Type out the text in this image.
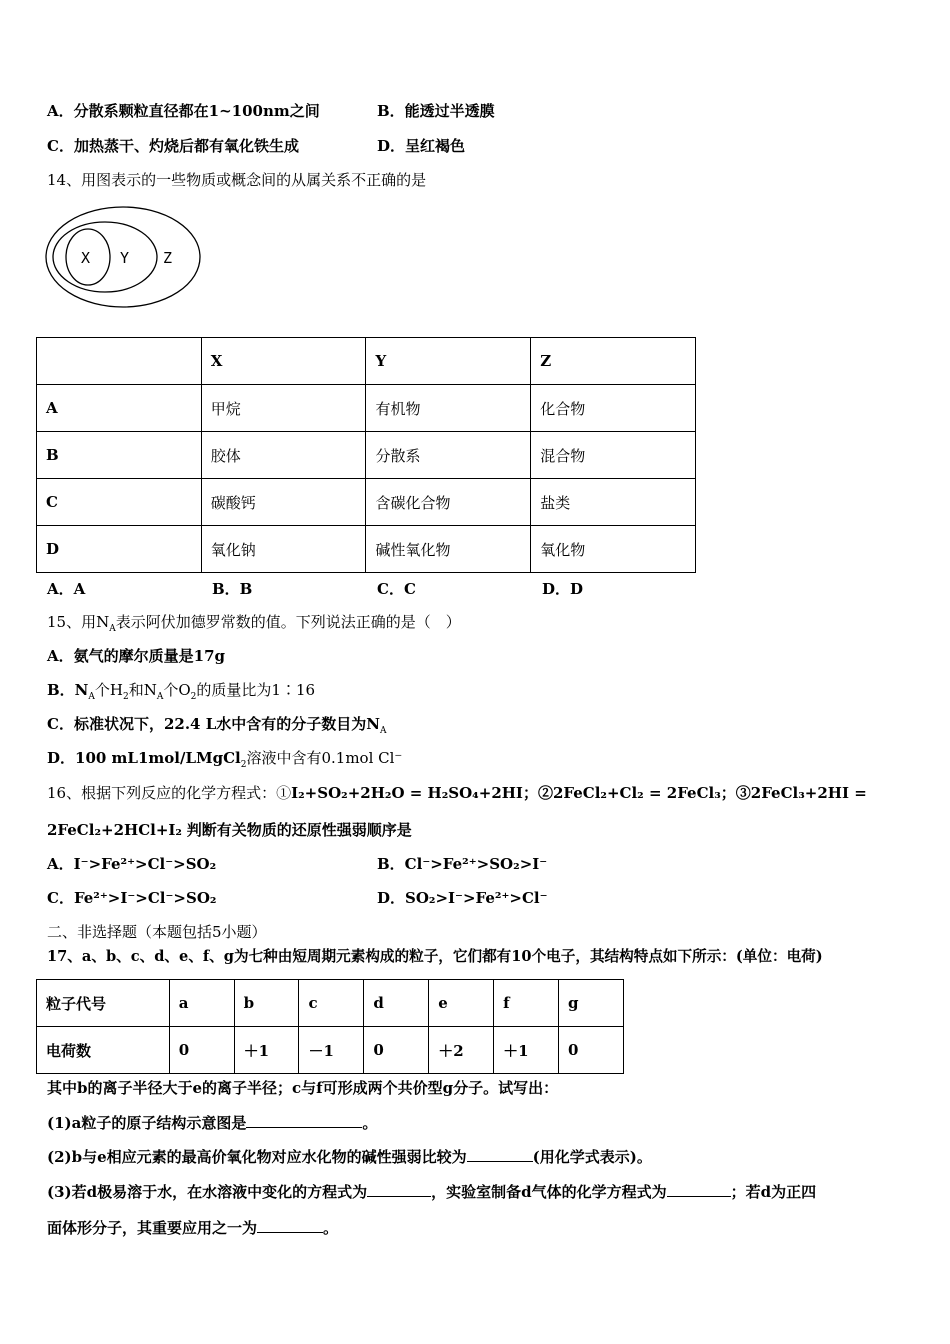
A．分散系颗粒直径都在1~100nm之间	B．能透过半透膜
C．加热蒸干、灼烧后都有氧化铁生成	D．呈红褐色
14、用图表示的一些物质或概念间的从属关系不正确的是
X Y Z
	X	Y	Z
A	甲烷	有机物	化合物
B	胶体	分散系	混合物
C	碳酸钙	含碳化合物	盐类
D	氧化钠	碱性氧化物	氧化物
A．A	B．B	C．C	D．D
15、用$N_A$表示阿伏加德罗常数的值。下列说法正确的是（　）
A．氨气的摩尔质量是17g
B．$N_A$个$H_2$和$N_A$个$O_2$的质量比为1∶16
C．标准状况下，22.4 L水中含有的分子数目为$N_A$
D．100 mL1mol/LMgCl$_2$溶液中含有0.1mol Cl⁻
16、根据下列反应的化学方程式：①I₂+SO₂+2H₂O = H₂SO₄+2HI；②2FeCl₂+Cl₂ = 2FeCl₃；③2FeCl₃+2HI =
2FeCl₂+2HCl+I₂ 判断有关物质的还原性强弱顺序是
A．I⁻>Fe²⁺>Cl⁻>SO₂	B．Cl⁻>Fe²⁺>SO₂>I⁻
C．Fe²⁺>I⁻>Cl⁻>SO₂	D．SO₂>I⁻>Fe²⁺>Cl⁻
二、非选择题（本题包括5小题）
17、a、b、c、d、e、f、g为七种由短周期元素构成的粒子，它们都有10个电子，其结构特点如下所示：(单位：电荷)
粒子代号	a	b	c	d	e	f	g
电荷数	0	＋1	－1	0	＋2	＋1	0
其中b的离子半径大于e的离子半径；c与f可形成两个共价型g分子。试写出：
(1)a粒子的原子结构示意图是	。
(2)b与e相应元素的最高价氧化物对应水化物的碱性强弱比较为	(用化学式表示)。
(3)若d极易溶于水，在水溶液中变化的方程式为	，实验室制备d气体的化学方程式为	；若d为正四
面体形分子，其重要应用之一为	。
